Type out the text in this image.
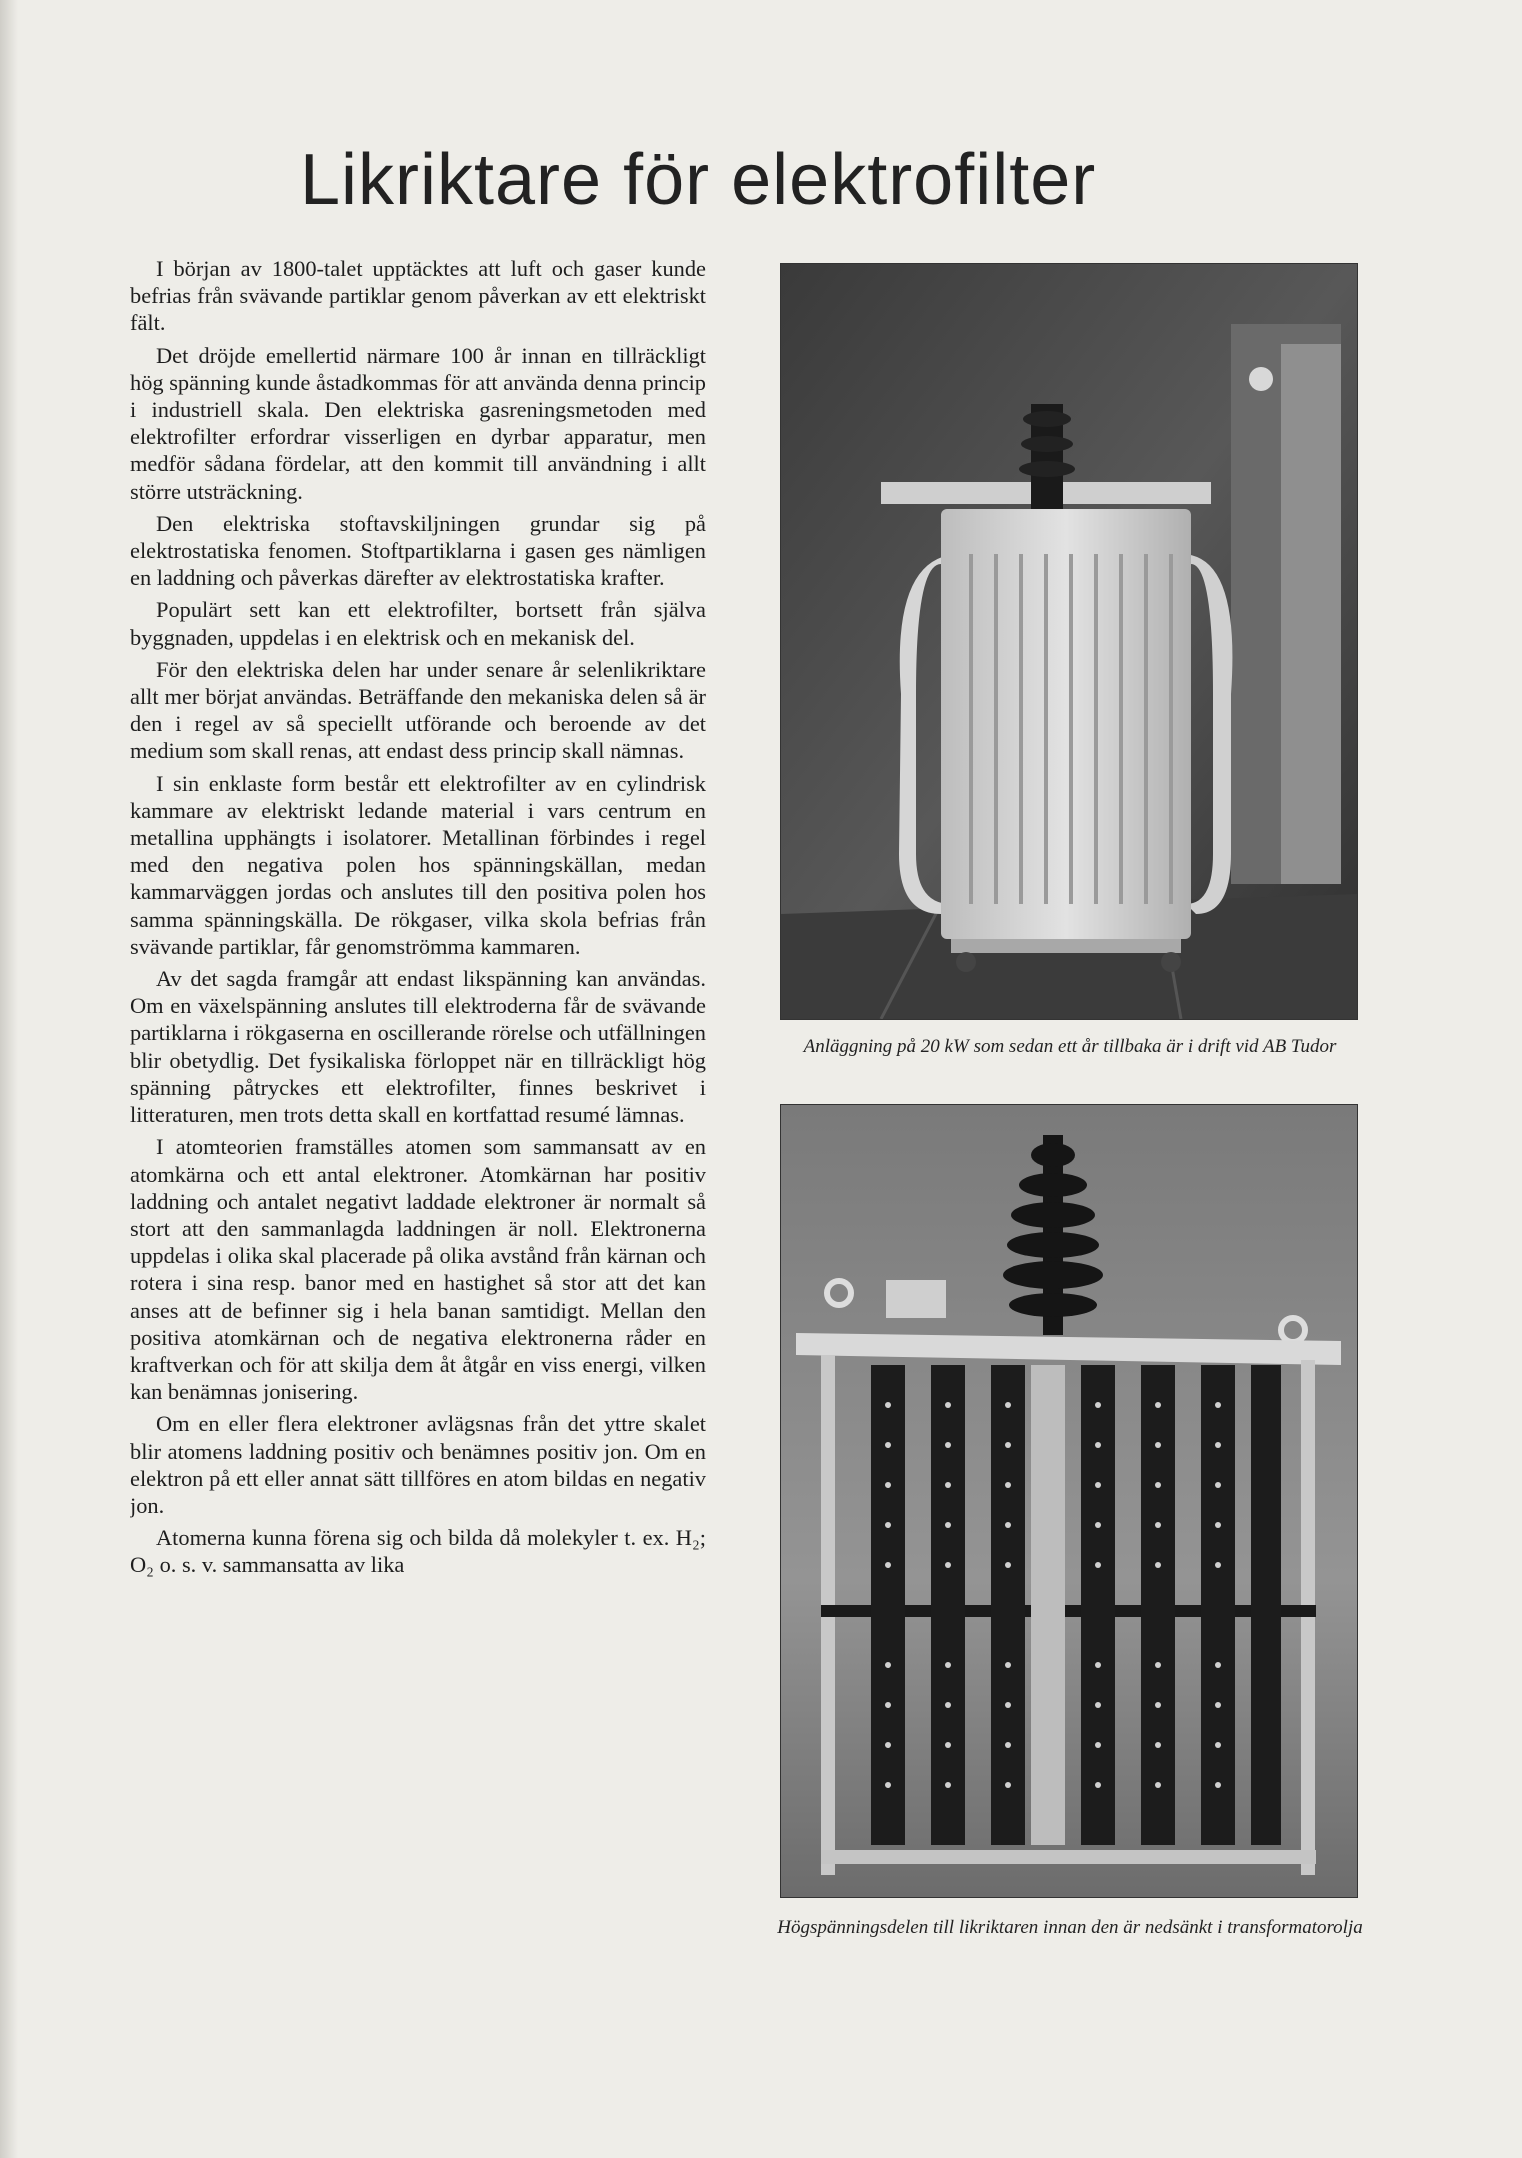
Likriktare för elektrofilter

I början av 1800-talet upptäcktes att luft och gaser kunde befrias från svävande partiklar genom påverkan av ett elektriskt fält.

Det dröjde emellertid närmare 100 år innan en tillräckligt hög spänning kunde åstadkommas för att använda denna princip i industriell skala. Den elektriska gasreningsmetoden med elektrofilter erfordrar visserligen en dyrbar apparatur, men medför sådana fördelar, att den kommit till användning i allt större utsträckning.

Den elektriska stoftavskiljningen grundar sig på elektrostatiska fenomen. Stoftpartiklarna i gasen ges nämligen en laddning och påverkas därefter av elektrostatiska krafter.

Populärt sett kan ett elektrofilter, bortsett från själva byggnaden, uppdelas i en elektrisk och en mekanisk del.

För den elektriska delen har under senare år selenlikriktare allt mer börjat användas. Beträffande den mekaniska delen så är den i regel av så speciellt utförande och beroende av det medium som skall renas, att endast dess princip skall nämnas.

I sin enklaste form består ett elektrofilter av en cylindrisk kammare av elektriskt ledande material i vars centrum en metallina upphängts i isolatorer. Metallinan förbindes i regel med den negativa polen hos spänningskällan, medan kammarväggen jordas och anslutes till den positiva polen hos samma spänningskälla. De rökgaser, vilka skola befrias från svävande partiklar, får genomströmma kammaren.

Av det sagda framgår att endast likspänning kan användas. Om en växelspänning anslutes till elektroderna får de svävande partiklarna i rökgaserna en oscillerande rörelse och utfällningen blir obetydlig. Det fysikaliska förloppet när en tillräckligt hög spänning påtryckes ett elektrofilter, finnes beskrivet i litteraturen, men trots detta skall en kortfattad resumé lämnas.

I atomteorien framställes atomen som sammansatt av en atomkärna och ett antal elektroner. Atomkärnan har positiv laddning och antalet negativt laddade elektroner är normalt så stort att den sammanlagda laddningen är noll. Elektronerna uppdelas i olika skal placerade på olika avstånd från kärnan och rotera i sina resp. banor med en hastighet så stor att det kan anses att de befinner sig i hela banan samtidigt. Mellan den positiva atomkärnan och de negativa elektronerna råder en kraftverkan och för att skilja dem åt åtgår en viss energi, vilken kan benämnas jonisering.

Om en eller flera elektroner avlägsnas från det yttre skalet blir atomens laddning positiv och benämnes positiv jon. Om en elektron på ett eller annat sätt tillföres en atom bildas en negativ jon.

Atomerna kunna förena sig och bilda då molekyler t. ex. H₂; O₂ o. s. v. sammansatta av lika

Anläggning på 20 kW som sedan ett år tillbaka är i drift vid AB Tudor
Högspänningsdelen till likriktaren innan den är nedsänkt i transformatorolja
